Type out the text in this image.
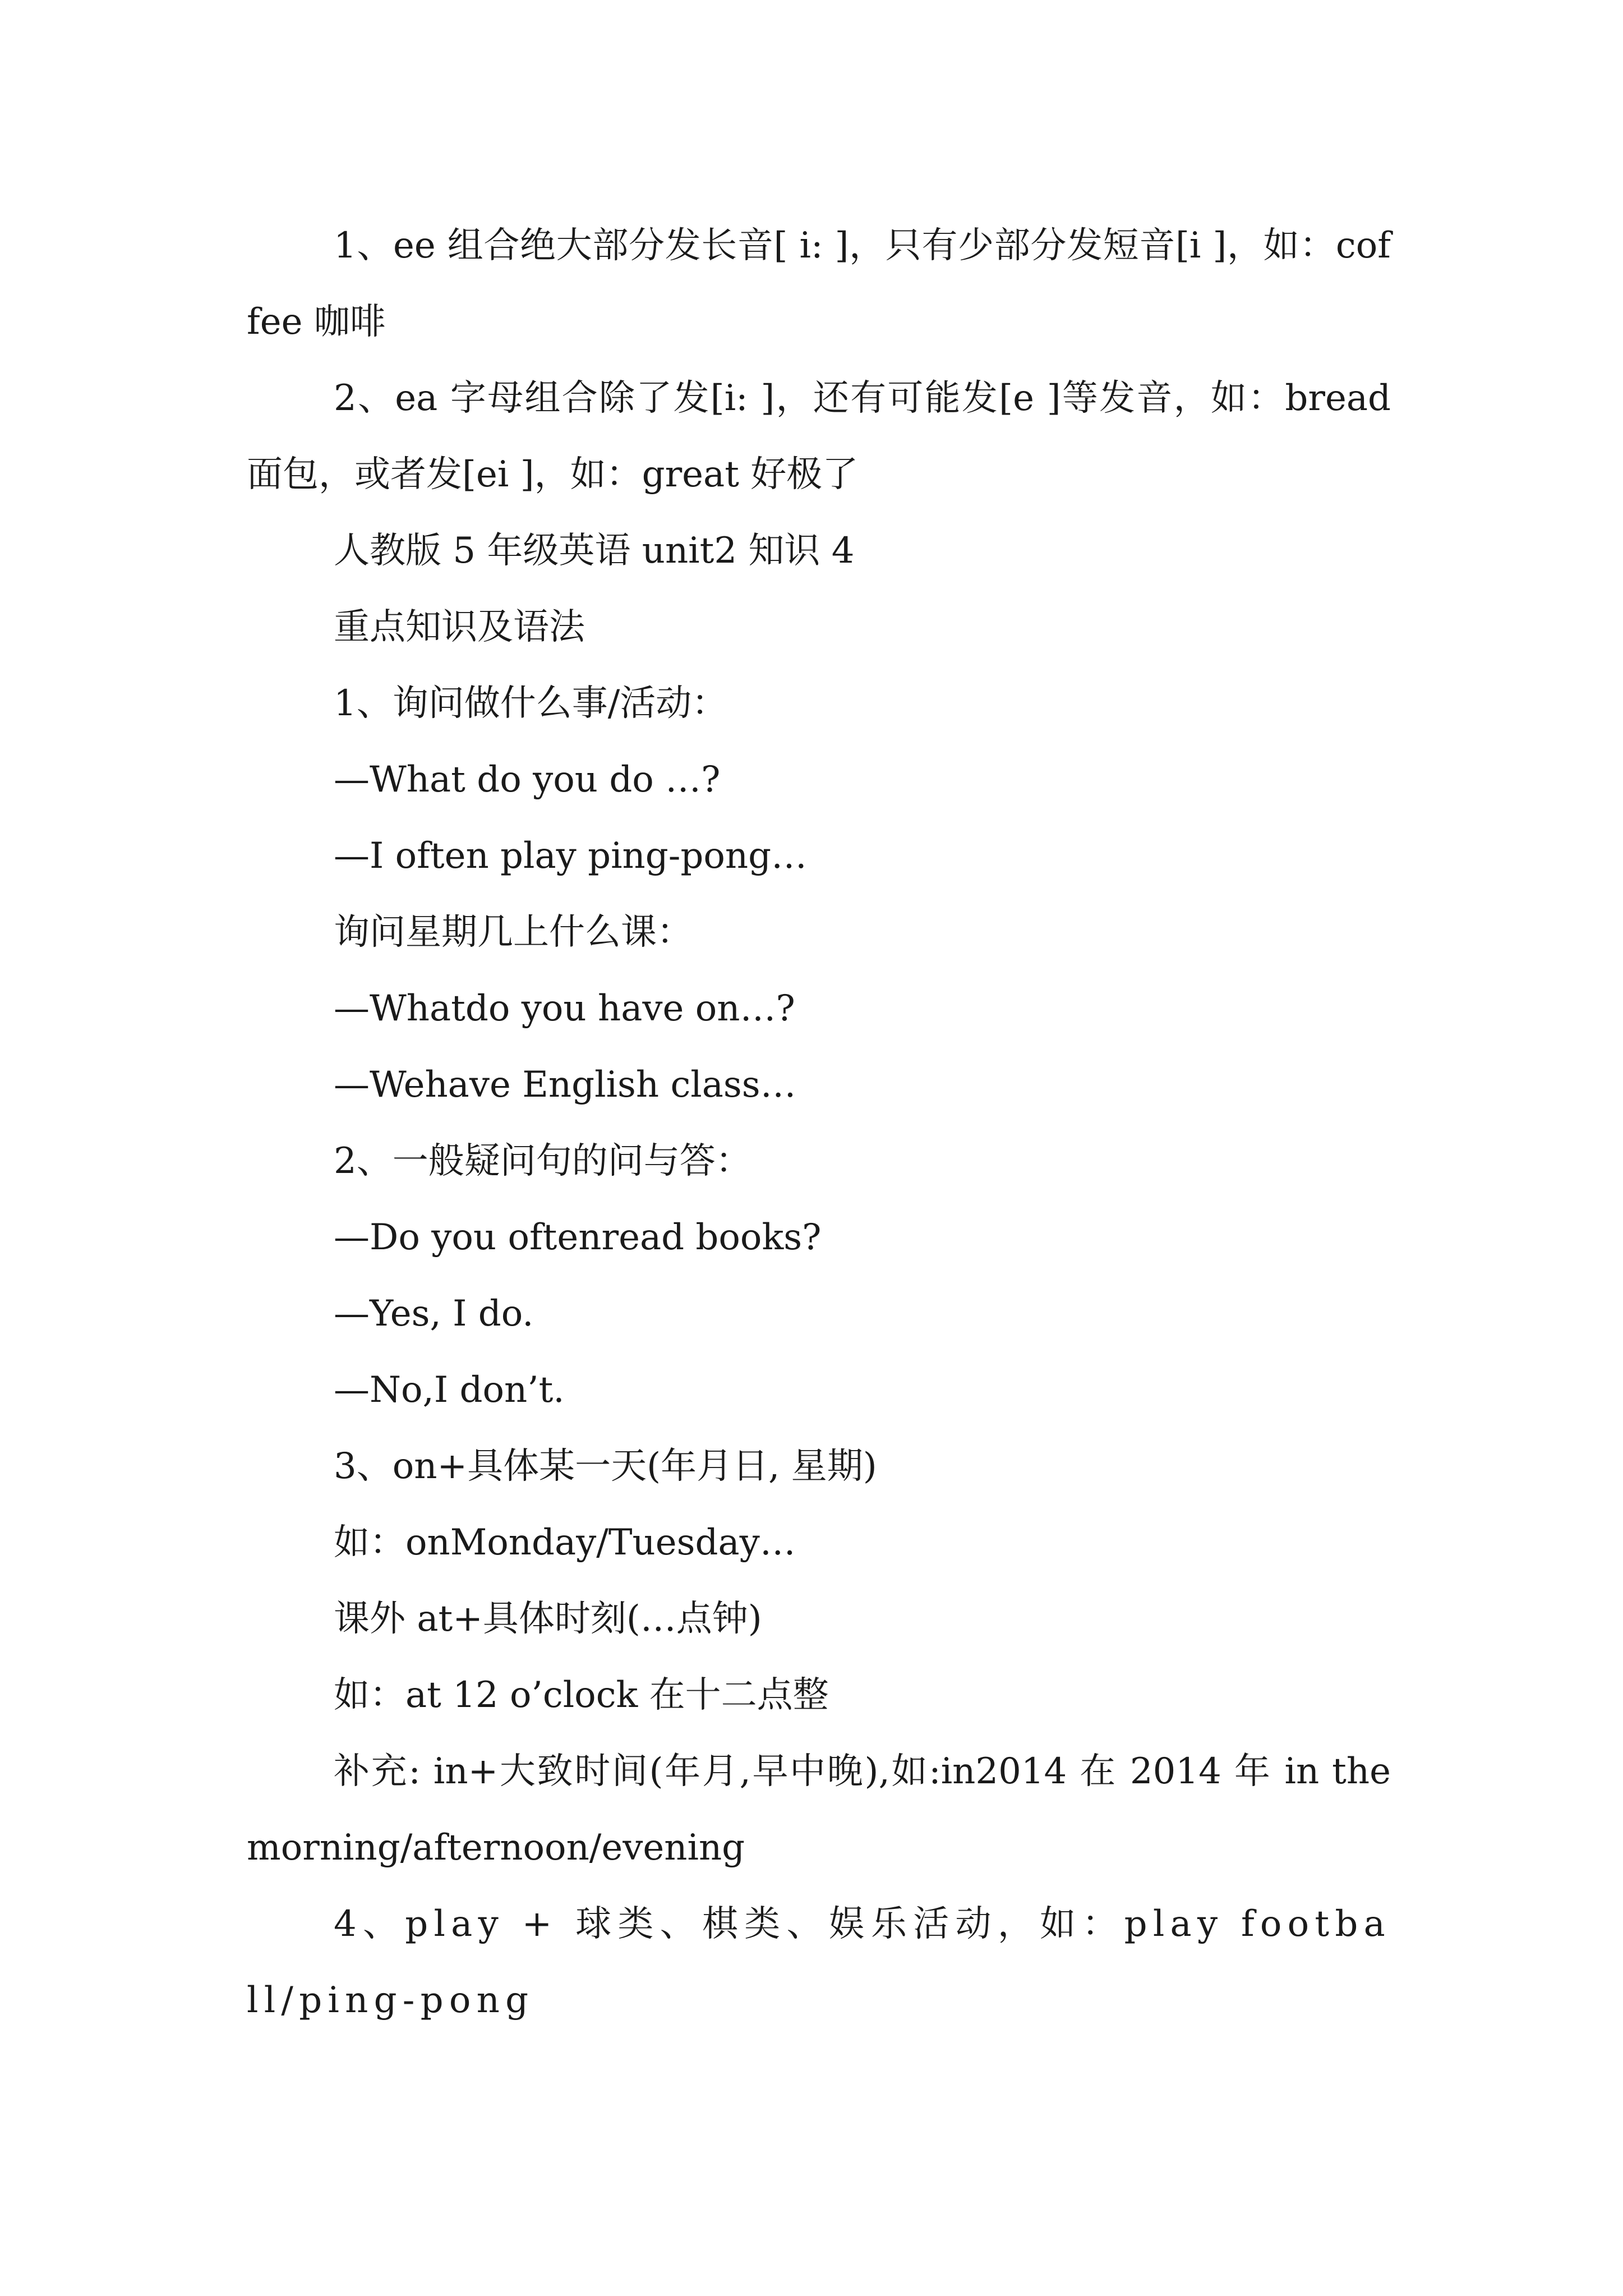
1、ee 组合绝大部分发长音[ i: ]，只有少部分发短音[i ]，如：coffee 咖啡

2、ea 字母组合除了发[i: ]，还有可能发[e ]等发音，如：bread 面包，或者发[ei ]，如：great 好极了

人教版 5 年级英语 unit2 知识 4

重点知识及语法

1、询问做什么事/活动：

—What do you do …?

—I often play ping-pong…

询问星期几上什么课：

—Whatdo you have on…?

—Wehave English class…

2、一般疑问句的问与答：

—Do you oftenread books?

—Yes, I do.

—No,I don’t.

3、on+具体某一天(年月日, 星期)

如：onMonday/Tuesday…

课外 at+具体时刻(…点钟)

如：at 12 o’clock 在十二点整

补充: in+大致时间(年月,早中晚),如:in2014 在 2014 年 in the morning/afternoon/evening

4、play + 球类、棋类、娱乐活动，如：play football/ping-pong
